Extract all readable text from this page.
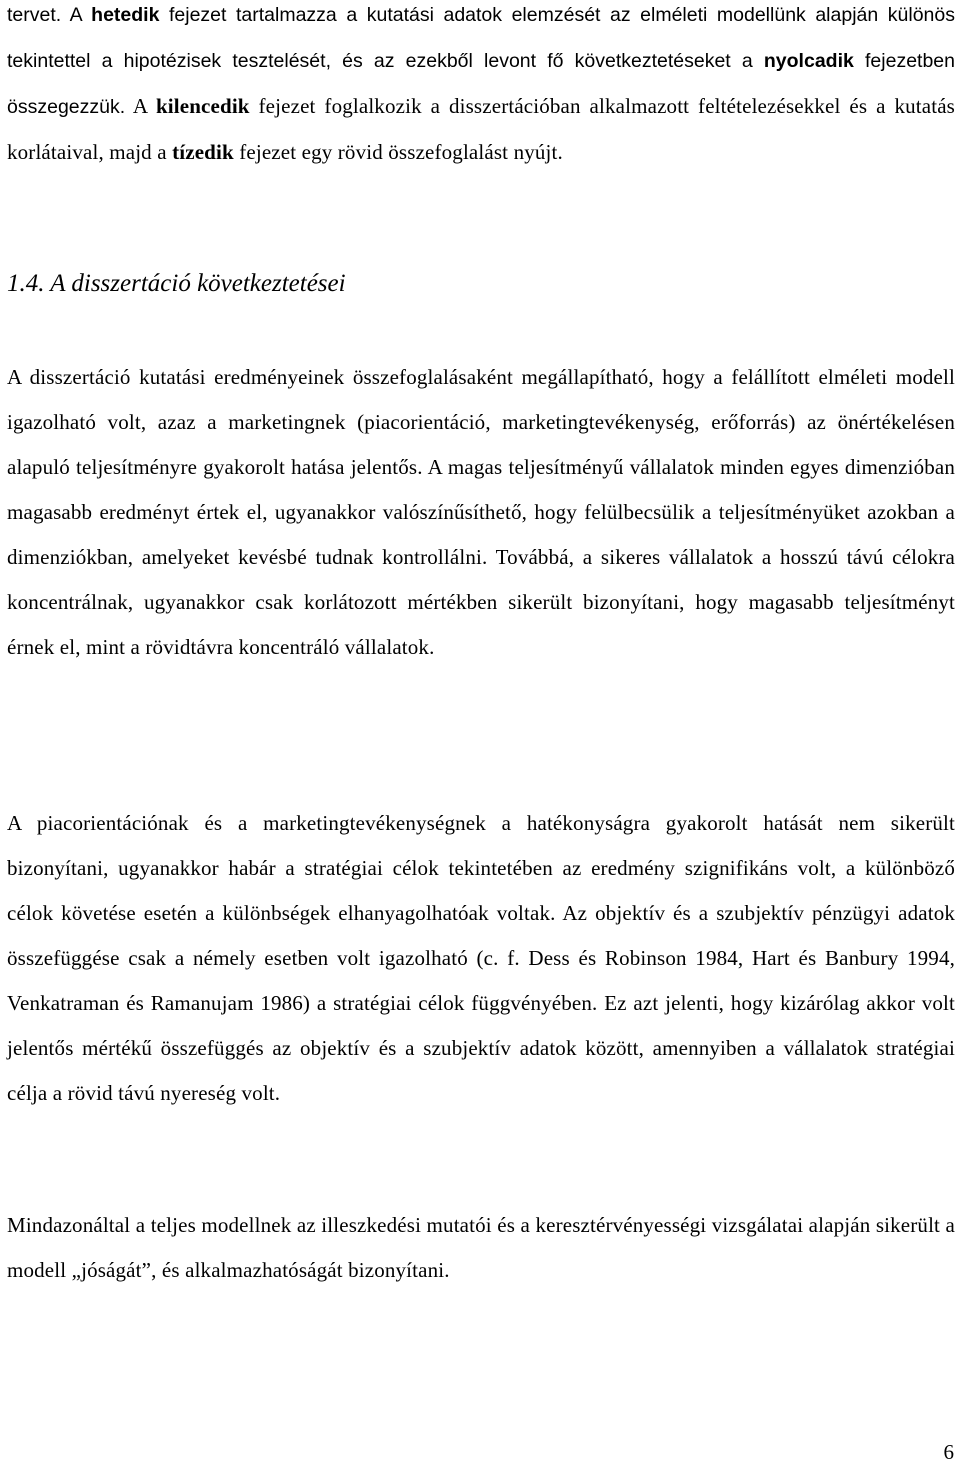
tervet. A hetedik fejezet tartalmazza a kutatási adatok elemzését az elméleti modellünk alapján különös tekintettel a hipotézisek tesztelését, és az ezekből levont fő következtetéseket a nyolcadik fejezetben összegezzük. A kilencedik fejezet foglalkozik a disszertációban alkalmazott feltételezésekkel és a kutatás korlátaival, majd a tízedik fejezet egy rövid összefoglalást nyújt.

1.4. A disszertáció következtetései

A disszertáció kutatási eredményeinek összefoglalásaként megállapítható, hogy a felállított elméleti modell igazolható volt, azaz a marketingnek (piacorientáció, marketingtevékenység, erőforrás) az önértékelésen alapuló teljesítményre gyakorolt hatása jelentős. A magas teljesítményű vállalatok minden egyes dimenzióban magasabb eredményt értek el, ugyanakkor valószínűsíthető, hogy felülbecsülik a teljesítményüket azokban a dimenziókban, amelyeket kevésbé tudnak kontrollálni. Továbbá, a sikeres vállalatok a hosszú távú célokra koncentrálnak, ugyanakkor csak korlátozott mértékben sikerült bizonyítani, hogy magasabb teljesítményt érnek el, mint a rövidtávra koncentráló vállalatok.

A piacorientációnak és a marketingtevékenységnek a hatékonyságra gyakorolt hatását nem sikerült bizonyítani, ugyanakkor habár a stratégiai célok tekintetében az eredmény szignifikáns volt, a különböző célok követése esetén a különbségek elhanyagolhatóak voltak. Az objektív és a szubjektív pénzügyi adatok összefüggése csak a némely esetben volt igazolható (c. f. Dess és Robinson 1984, Hart és Banbury 1994, Venkatraman és Ramanujam 1986) a stratégiai célok függvényében. Ez azt jelenti, hogy kizárólag akkor volt jelentős mértékű összefüggés az objektív és a szubjektív adatok között, amennyiben a vállalatok stratégiai célja a rövid távú nyereség volt.

Mindazonáltal a teljes modellnek az illeszkedési mutatói és a keresztérvényességi vizsgálatai alapján sikerült a modell „jóságát”, és alkalmazhatóságát bizonyítani.

6
